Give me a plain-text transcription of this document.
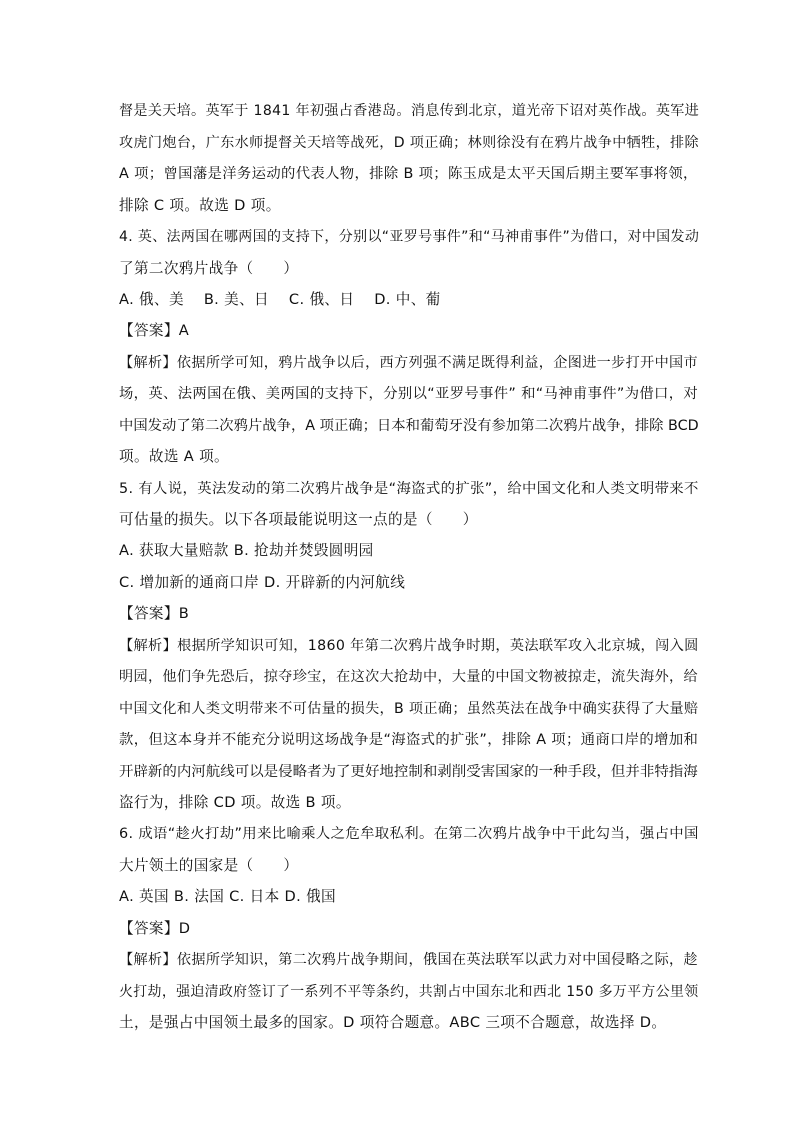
督是关天培。英军于 1841 年初强占香港岛。消息传到北京，道光帝下诏对英作战。英军进
攻虎门炮台，广东水师提督关天培等战死，D 项正确；林则徐没有在鸦片战争中牺牲，排除
A 项；曾国藩是洋务运动的代表人物，排除 B 项；陈玉成是太平天国后期主要军事将领，
排除 C 项。故选 D 项。
4. 英、法两国在哪两国的支持下，分别以“亚罗号事件”和“马神甫事件”为借口，对中国发动
了第二次鸦片战争（　　）
A. 俄、美　 B. 美、日　 C. 俄、日　 D. 中、葡
【答案】A
【解析】依据所学可知，鸦片战争以后，西方列强不满足既得利益，企图进一步打开中国市
场，英、法两国在俄、美两国的支持下，分别以“亚罗号事件” 和“马神甫事件”为借口，对
中国发动了第二次鸦片战争，A 项正确；日本和葡萄牙没有参加第二次鸦片战争，排除 BCD
项。故选 A 项。
5. 有人说，英法发动的第二次鸦片战争是“海盗式的扩张”，给中国文化和人类文明带来不
可估量的损失。以下各项最能说明这一点的是（　　）
A. 获取大量赔款 B. 抢劫并焚毁圆明园
C. 增加新的通商口岸 D. 开辟新的内河航线
【答案】B
【解析】根据所学知识可知，1860 年第二次鸦片战争时期，英法联军攻入北京城，闯入圆
明园，他们争先恐后，掠夺珍宝，在这次大抢劫中，大量的中国文物被掠走，流失海外，给
中国文化和人类文明带来不可估量的损失，B 项正确；虽然英法在战争中确实获得了大量赔
款，但这本身并不能充分说明这场战争是“海盗式的扩张”，排除 A 项；通商口岸的增加和
开辟新的内河航线可以是侵略者为了更好地控制和剥削受害国家的一种手段，但并非特指海
盗行为，排除 CD 项。故选 B 项。
6. 成语“趁火打劫”用来比喻乘人之危牟取私利。在第二次鸦片战争中干此勾当，强占中国
大片领土的国家是（　　）
A. 英国 B. 法国 C. 日本 D. 俄国
【答案】D
【解析】依据所学知识，第二次鸦片战争期间，俄国在英法联军以武力对中国侵略之际，趁
火打劫，强迫清政府签订了一系列不平等条约，共割占中国东北和西北 150 多万平方公里领
土，是强占中国领土最多的国家。D 项符合题意。ABC 三项不合题意，故选择 D。
